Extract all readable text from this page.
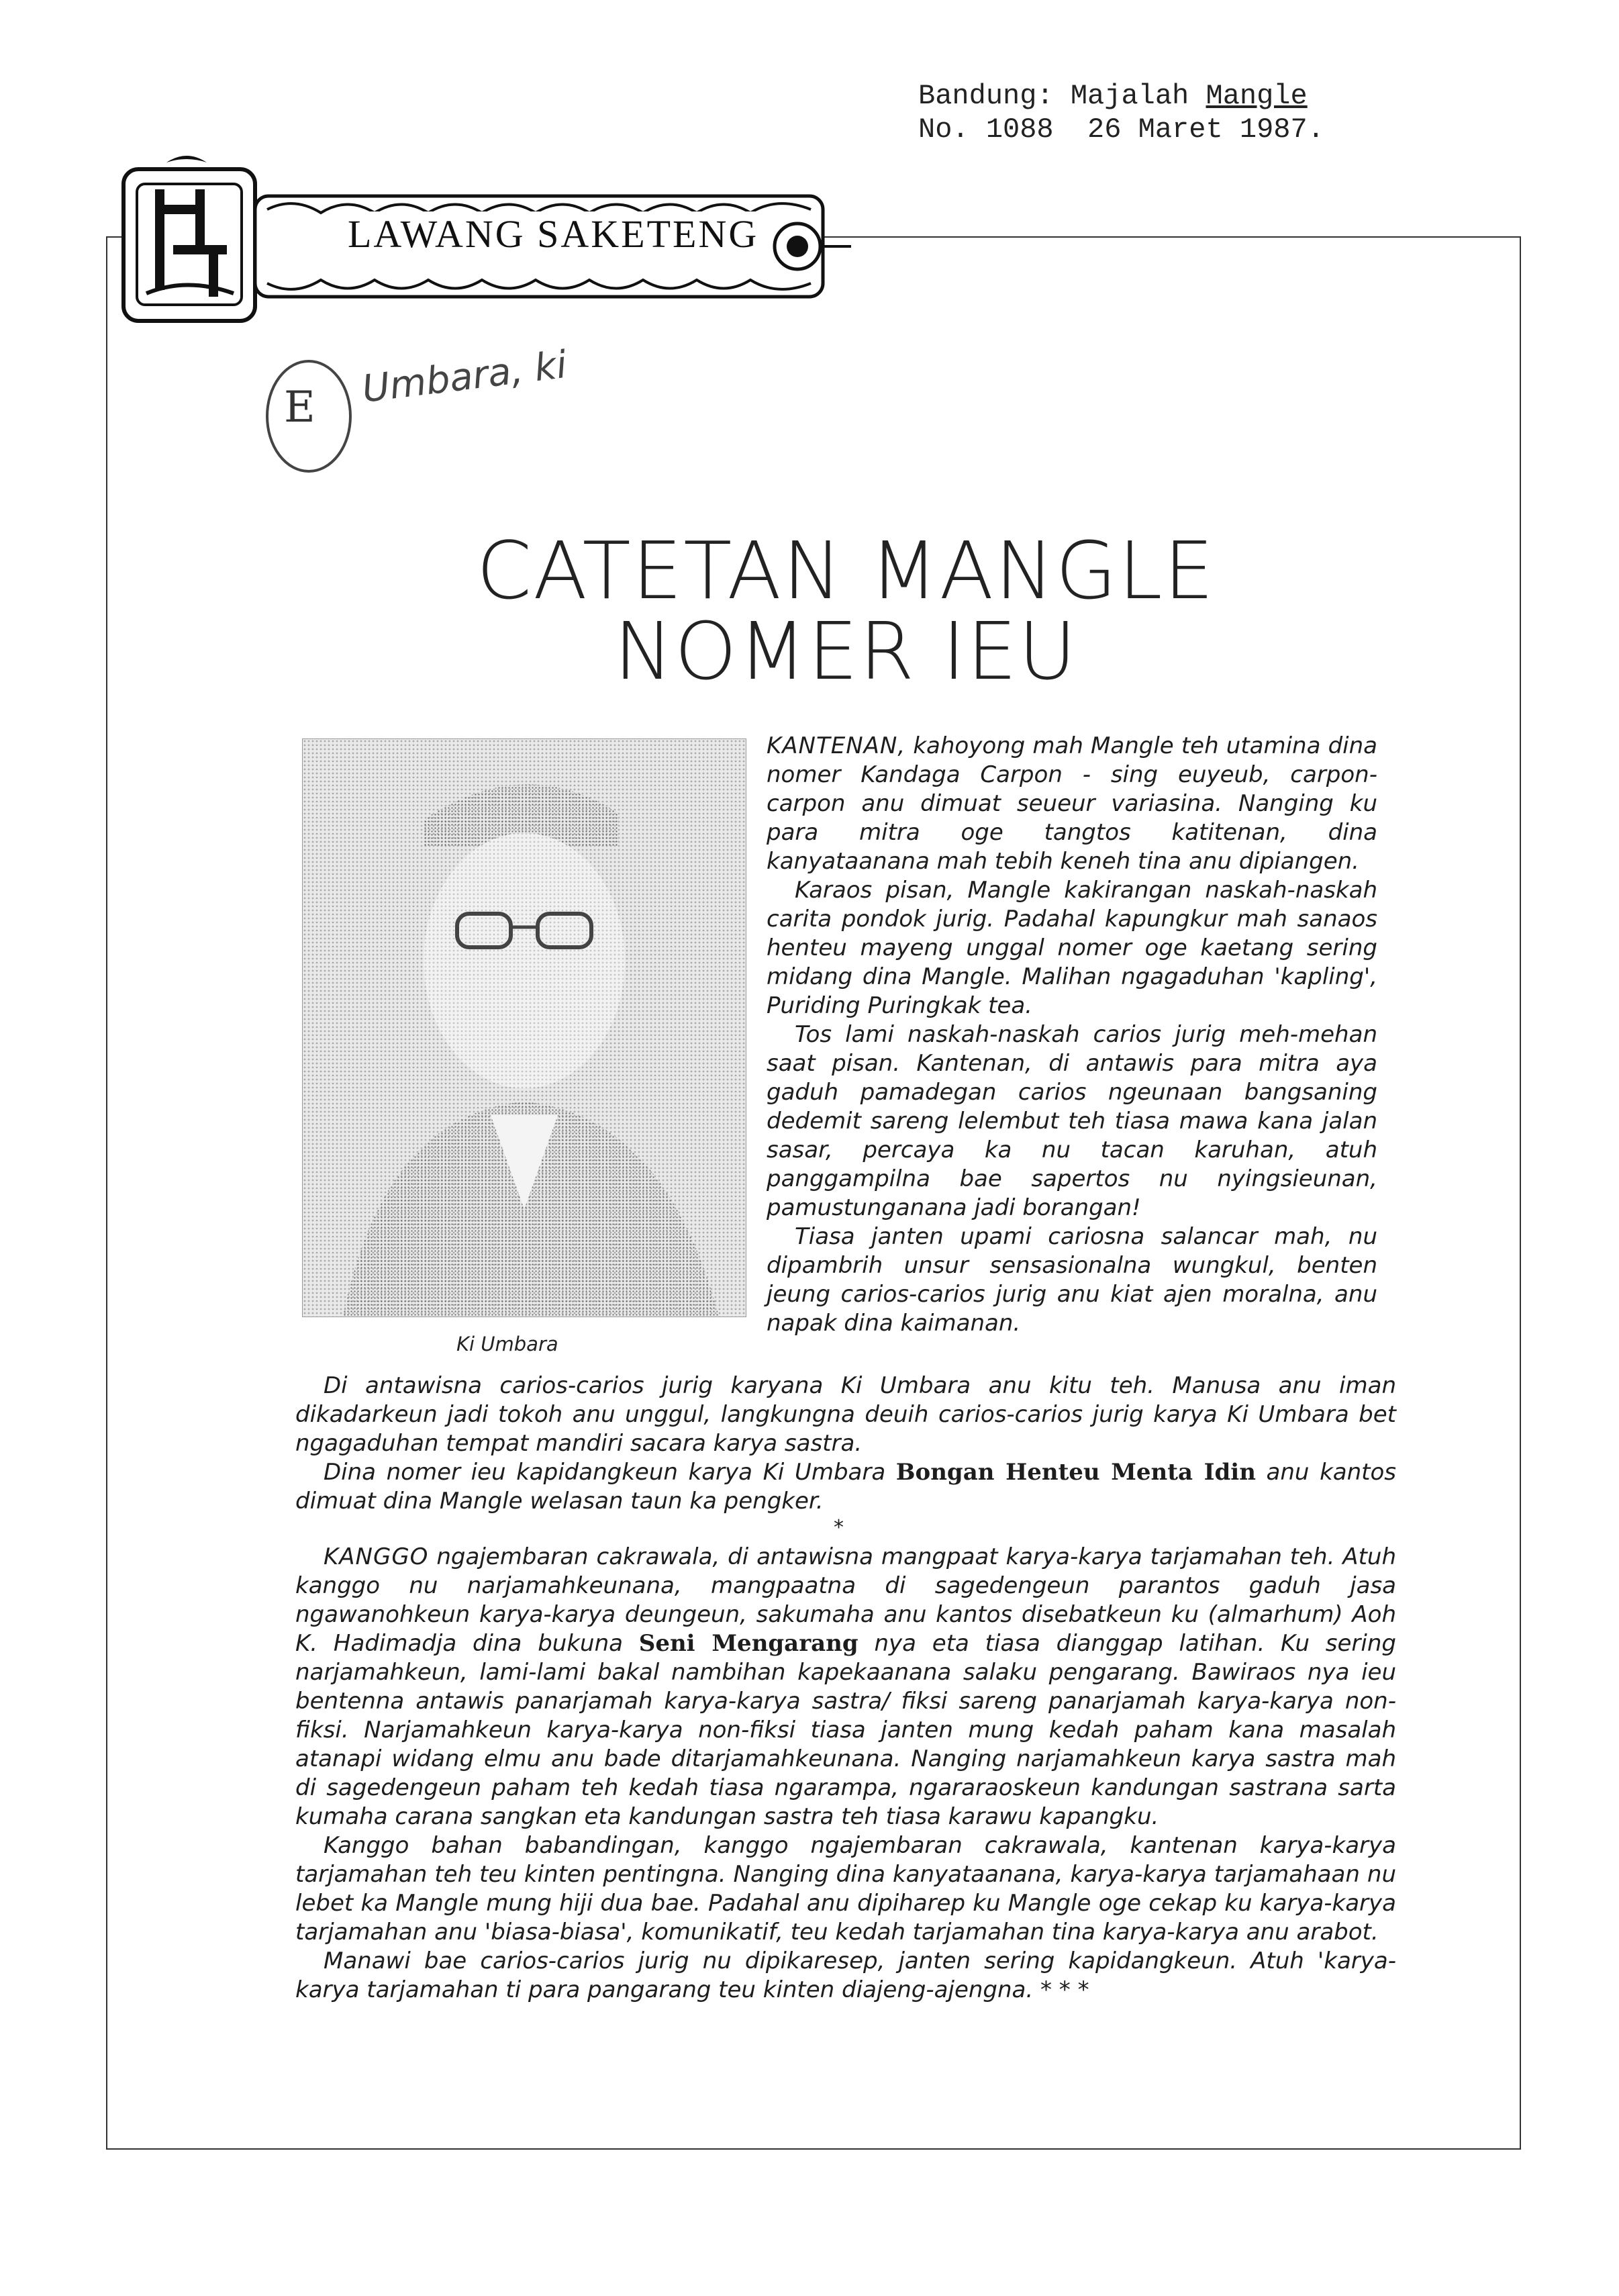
Bandung: Majalah Mangle
No. 1088  26 Maret 1987.
LAWANG SAKETENG
E Umbara, ki
CATETAN MANGLE
NOMER IEU
Ki Umbara

KANTENAN, kahoyong mah Mangle teh utamina dina nomer Kandaga Carpon - sing euyeub, carpon-carpon anu dimuat seueur variasina. Nanging ku para mitra oge tangtos katitenan, dina kanyataanana mah tebih keneh tina anu dipiangen.

Karaos pisan, Mangle kakirangan naskah-naskah carita pondok jurig. Padahal kapungkur mah sanaos henteu mayeng unggal nomer oge kaetang sering midang dina Mangle. Malihan ngagaduhan 'kapling', Puriding Puringkak tea.

Tos lami naskah-naskah carios jurig meh-mehan saat pisan. Kantenan, di antawis para mitra aya gaduh pamadegan carios ngeunaan bangsaning dedemit sareng lelembut teh tiasa mawa kana jalan sasar, percaya ka nu tacan karuhan, atuh panggampilna bae sapertos nu nyingsieunan, pamustunganana jadi borangan!

Tiasa janten upami cariosna salancar mah, nu dipambrih unsur sensasionalna wungkul, benten jeung carios-carios jurig anu kiat ajen moralna, anu napak dina kaimanan.

Di antawisna carios-carios jurig karyana Ki Umbara anu kitu teh. Manusa anu iman dikadarkeun jadi tokoh anu unggul, langkungna deuih carios-carios jurig karya Ki Umbara bet ngagaduhan tempat mandiri sacara karya sastra.

Dina nomer ieu kapidangkeun karya Ki Umbara Bongan Henteu Menta Idin anu kantos dimuat dina Mangle welasan taun ka pengker.

*

KANGGO ngajembaran cakrawala, di antawisna mangpaat karya-karya tarjamahan teh. Atuh kanggo nu narjamahkeunana, mangpaatna di sagedengeun parantos gaduh jasa ngawanohkeun karya-karya deungeun, sakumaha anu kantos disebatkeun ku (almarhum) Aoh K. Hadimadja dina bukuna Seni Mengarang nya eta tiasa dianggap latihan. Ku sering narjamahkeun, lami-lami bakal nambihan kapekaanana salaku pengarang. Bawiraos nya ieu bentenna antawis panarjamah karya-karya sastra/ fiksi sareng panarjamah karya-karya non-fiksi. Narjamahkeun karya-karya non-fiksi tiasa janten mung kedah paham kana masalah atanapi widang elmu anu bade ditarjamahkeunana. Nanging narjamahkeun karya sastra mah di sagedengeun paham teh kedah tiasa ngarampa, ngararaoskeun kandungan sastrana sarta kumaha carana sangkan eta kandungan sastra teh tiasa karawu kapangku.

Kanggo bahan babandingan, kanggo ngajembaran cakrawala, kantenan karya-karya tarjamahan teh teu kinten pentingna. Nanging dina kanyataanana, karya-karya tarjamahaan nu lebet ka Mangle mung hiji dua bae. Padahal anu dipiharep ku Mangle oge cekap ku karya-karya tarjamahan anu 'biasa-biasa', komunikatif, teu kedah tarjamahan tina karya-karya anu arabot.

Manawi bae carios-carios jurig nu dipikaresep, janten sering kapidangkeun. Atuh 'karya-karya tarjamahan ti para pangarang teu kinten diajeng-ajengna. * * *
